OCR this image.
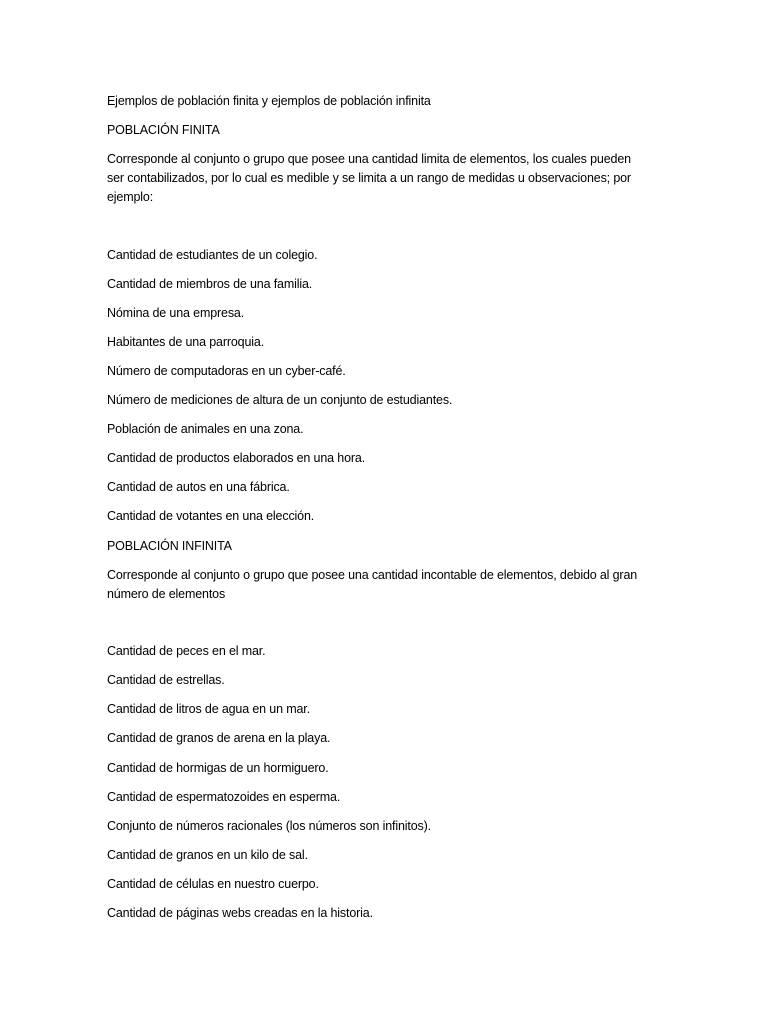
Ejemplos de población finita y ejemplos de población infinita
POBLACIÓN FINITA
Corresponde al conjunto o grupo que posee una cantidad limita de elementos, los cuales pueden
ser contabilizados, por lo cual es medible y se limita a un rango de medidas u observaciones; por
ejemplo:
Cantidad de estudiantes de un colegio.
Cantidad de miembros de una familia.
Nómina de una empresa.
Habitantes de una parroquia.
Número de computadoras en un cyber-café.
Número de mediciones de altura de un conjunto de estudiantes.
Población de animales en una zona.
Cantidad de productos elaborados en una hora.
Cantidad de autos en una fábrica.
Cantidad de votantes en una elección.
POBLACIÓN INFINITA
Corresponde al conjunto o grupo que posee una cantidad incontable de elementos, debido al gran
número de elementos
Cantidad de peces en el mar.
Cantidad de estrellas.
Cantidad de litros de agua en un mar.
Cantidad de granos de arena en la playa.
Cantidad de hormigas de un hormiguero.
Cantidad de espermatozoides en esperma.
Conjunto de números racionales (los números son infinitos).
Cantidad de granos en un kilo de sal.
Cantidad de células en nuestro cuerpo.
Cantidad de páginas webs creadas en la historia.
